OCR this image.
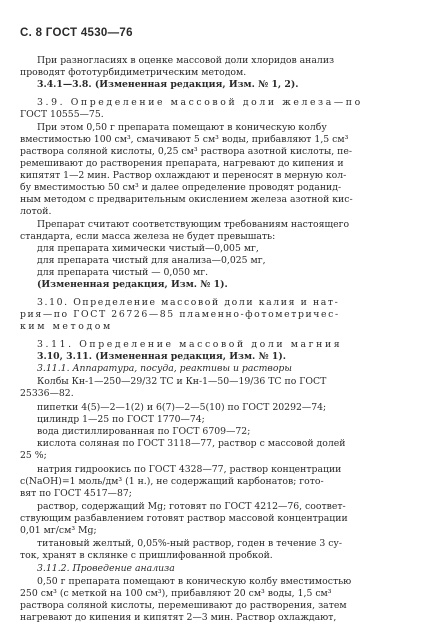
С. 8 ГОСТ 4530—76
При разногласиях в оценке массовой доли хлоридов анализ
проводят фототурбидиметрическим методом.
3.4.1—3.8. (Измененная редакция, Изм. № 1, 2).
3.9. Определение массовой доли железа—по
ГОСТ 10555—75.
При этом 0,50 г препарата помещают в коническую колбу
вместимостью 100 см³, смачивают 5 см³ воды, прибавляют 1,5 см³
раствора соляной кислоты, 0,25 см³ раствора азотной кислоты, пе-
ремешивают до растворения препарата, нагревают до кипения и
кипятят 1—2 мин. Раствор охлаждают и переносят в мерную кол-
бу вместимостью 50 см³ и далее определение проводят роданид-
ным методом с предварительным окислением железа азотной кис-
лотой.
Препарат считают соответствующим требованиям настоящего
стандарта, если масса железа не будет превышать:
для препарата химически чистый—0,005 мг,
для препарата чистый для анализа—0,025 мг,
для препарата чистый — 0,050 мг.
(Измененная редакция, Изм. № 1).
3.10. Определение массовой доли калия и нат-
рия—по ГОСТ 26726—85 пламенно-фотометричес-
ким методом
3.11. Определение массовой доли магния
3.10, 3.11. (Измененная редакция, Изм. № 1).
3.11.1. Аппаратура, посуда, реактивы и растворы
Колбы Кн-1—250—29/32 ТС и Кн-1—50—19/36 ТС по ГОСТ
25336—82.
пипетки 4(5)—2—1(2) и 6(7)—2—5(10) по ГОСТ 20292—74;
цилиндр 1—25 по ГОСТ 1770—74;
вода дистиллированная по ГОСТ 6709—72;
кислота соляная по ГОСТ 3118—77, раствор с массовой долей
25 %;
натрия гидроокись по ГОСТ 4328—77, раствор концентрации
c(NaOH)=1 моль/дм³ (1 н.), не содержащий карбонатов; гото-
вят по ГОСТ 4517—87;
раствор, содержащий Mg; готовят по ГОСТ 4212—76, соответ-
ствующим разбавлением готовят раствор массовой концентрации
0,01 мг/см³ Mg;
титановый желтый, 0,05%-ный раствор, годен в течение 3 су-
ток, хранят в склянке с пришлифованной пробкой.
3.11.2. Проведение анализа
0,50 г препарата помещают в коническую колбу вместимостью
250 см³ (с меткой на 100 см³), прибавляют 20 см³ воды, 1,5 см³
раствора соляной кислоты, перемешивают до растворения, затем
нагревают до кипения и кипятят 2—3 мин. Раствор охлаждают,
